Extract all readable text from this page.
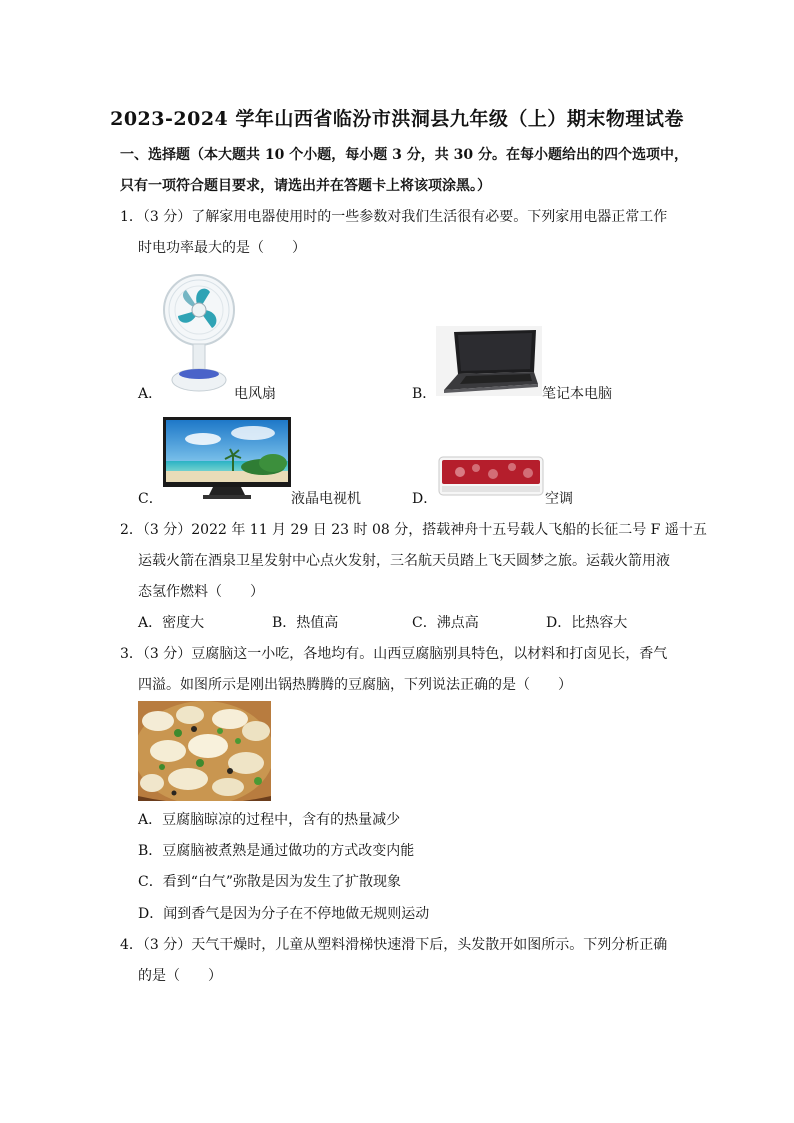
2023-2024 学年山西省临汾市洪洞县九年级（上）期末物理试卷
一、选择题（本大题共 10 个小题，每小题 3 分，共 30 分。在每小题给出的四个选项中，
只有一项符合题目要求，请选出并在答题卡上将该项涂黑。）
1．（3 分）了解家用电器使用时的一些参数对我们生活很有必要。下列家用电器正常工作
时电功率最大的是（　　）
A．	电风扇	B．	笔记本电脑
C．	液晶电视机	D．	空调
2．（3 分）2022 年 11 月 29 日 23 时 08 分，搭载神舟十五号载人飞船的长征二号 F 遥十五
运载火箭在酒泉卫星发射中心点火发射，三名航天员踏上飞天圆梦之旅。运载火箭用液
态氢作燃料（　　）
A．密度大	B．热值高	C．沸点高	D．比热容大
3．（3 分）豆腐脑这一小吃，各地均有。山西豆腐脑别具特色，以材料和打卤见长，香气
四溢。如图所示是刚出锅热腾腾的豆腐脑，下列说法正确的是（　　）
A．豆腐脑晾凉的过程中，含有的热量减少
B．豆腐脑被煮熟是通过做功的方式改变内能
C．看到“白气”弥散是因为发生了扩散现象
D．闻到香气是因为分子在不停地做无规则运动
4．（3 分）天气干燥时，儿童从塑料滑梯快速滑下后，头发散开如图所示。下列分析正确
的是（　　）
